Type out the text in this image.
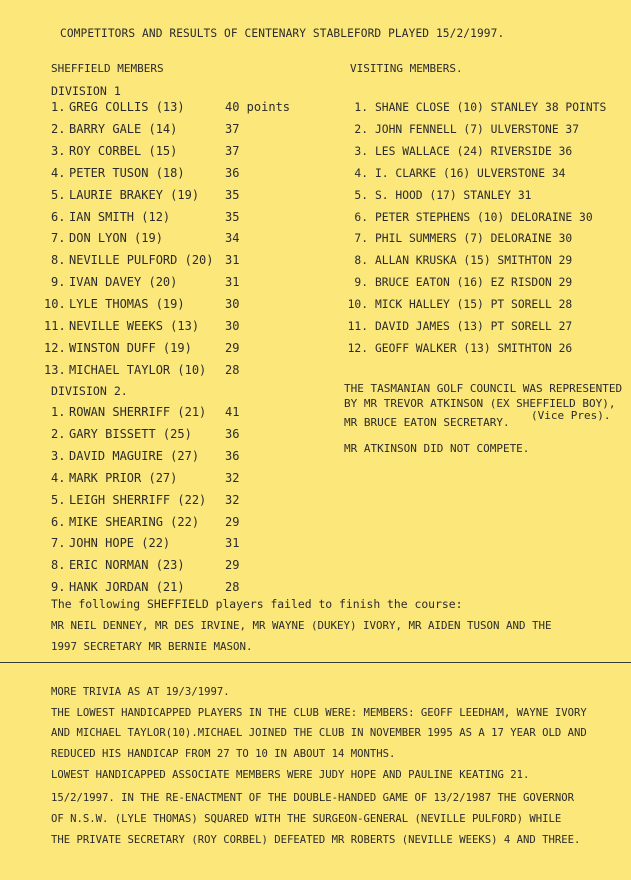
COMPETITORS AND RESULTS OF CENTENARY STABLEFORD PLAYED 15/2/1997.
SHEFFIELD MEMBERS
DIVISION 1
1. GREG COLLIS (13)	40 points
2. BARRY GALE (14)	37
3. ROY CORBEL (15)	37
4. PETER TUSON (18)	36
5. LAURIE BRAKEY (19) 35
6. IAN SMITH (12)	35
7. DON LYON (19)	34
8. NEVILLE PULFORD (20) 31
9. IVAN DAVEY (20)	31
10. LYLE THOMAS (19)	30
11. NEVILLE WEEKS (13) 30
12. WINSTON DUFF (19)	29
13. MICHAEL TAYLOR (10) 28
VISITING MEMBERS.
1. SHANE CLOSE (10) STANLEY 38 POINTS
2. JOHN FENNELL (7) ULVERSTONE 37
3. LES WALLACE (24) RIVERSIDE 36
4. I. CLARKE (16) ULVERSTONE 34
5. S. HOOD (17) STANLEY 31
6. PETER STEPHENS (10) DELORAINE 30
7. PHIL SUMMERS (7) DELORAINE 30
8. ALLAN KRUSKA (15) SMITHTON 29
9. BRUCE EATON (16) EZ RISDON 29
10. MICK HALLEY (15) PT SORELL 28
11. DAVID JAMES (13) PT SORELL 27
12. GEOFF WALKER (13) SMITHTON 26
DIVISION 2.
1. ROWAN SHERRIFF (21) 41
2. GARY BISSETT (25)	36
3. DAVID MAGUIRE (27) 36
4. MARK PRIOR (27)	32
5. LEIGH SHERRIFF (22) 32
6. MIKE SHEARING (22) 29
7. JOHN HOPE (22)	31
8. ERIC NORMAN (23)	29
9. HANK JORDAN (21)	28
THE TASMANIAN GOLF COUNCIL WAS REPRESENTED
BY MR TREVOR ATKINSON (EX SHEFFIELD BOY),
MR BRUCE EATON SECRETARY.
(Vice Pres).
MR ATKINSON DID NOT COMPETE.
The following SHEFFIELD players failed to finish the course:
MR NEIL DENNEY, MR DES IRVINE, MR WAYNE (DUKEY) IVORY, MR AIDEN TUSON AND THE
1997 SECRETARY MR BERNIE MASON.
MORE TRIVIA AS AT 19/3/1997.
THE LOWEST HANDICAPPED PLAYERS IN THE CLUB WERE: MEMBERS: GEOFF LEEDHAM, WAYNE IVORY
AND MICHAEL TAYLOR(10).MICHAEL JOINED THE CLUB IN NOVEMBER 1995 AS A 17 YEAR OLD AND
REDUCED HIS HANDICAP FROM 27 TO 10 IN ABOUT 14 MONTHS.
LOWEST HANDICAPPED ASSOCIATE MEMBERS WERE JUDY HOPE AND PAULINE KEATING 21.
15/2/1997. IN THE RE-ENACTMENT OF THE DOUBLE-HANDED GAME OF 13/2/1987 THE GOVERNOR
OF N.S.W. (LYLE THOMAS) SQUARED WITH THE SURGEON-GENERAL (NEVILLE PULFORD) WHILE
THE PRIVATE SECRETARY (ROY CORBEL) DEFEATED MR ROBERTS (NEVILLE WEEKS) 4 AND THREE.
